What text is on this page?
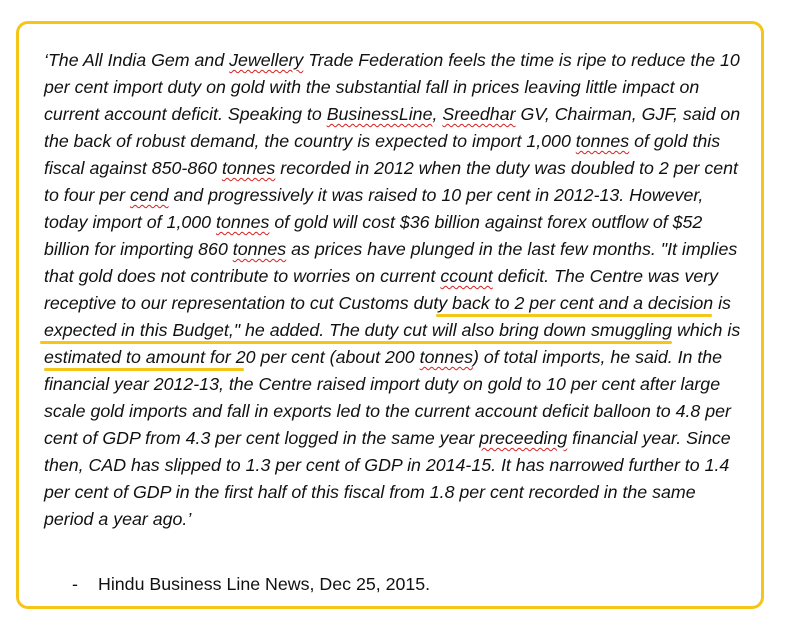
‘The All India Gem and Jewellery Trade Federation feels the time is ripe to reduce the 10 per cent import duty on gold with the substantial fall in prices leaving little impact on current account deficit. Speaking to BusinessLine, Sreedhar GV, Chairman, GJF, said on the back of robust demand, the country is expected to import 1,000 tonnes of gold this fiscal against 850-860 tonnes recorded in 2012 when the duty was doubled to 2 per cent to four per cend and progressively it was raised to 10 per cent in 2012-13. However, today import of 1,000 tonnes of gold will cost $36 billion against forex outflow of $52 billion for importing 860 tonnes as prices have plunged in the last few months. "It implies that gold does not contribute to worries on current ccount deficit. The Centre was very receptive to our representation to cut Customs duty back to 2 per cent and a decision is expected in this Budget," he added. The duty cut will also bring down smuggling which is estimated to amount for 20 per cent (about 200 tonnes) of total imports, he said. In the financial year 2012-13, the Centre raised import duty on gold to 10 per cent after large scale gold imports and fall in exports led to the current account deficit balloon to 4.8 per cent of GDP from 4.3 per cent logged in the same year preceeding financial year. Since then, CAD has slipped to 1.3 per cent of GDP in 2014-15. It has narrowed further to 1.4 per cent of GDP in the first half of this fiscal from 1.8 per cent recorded in the same period a year ago.’

- Hindu Business Line News, Dec 25, 2015.
